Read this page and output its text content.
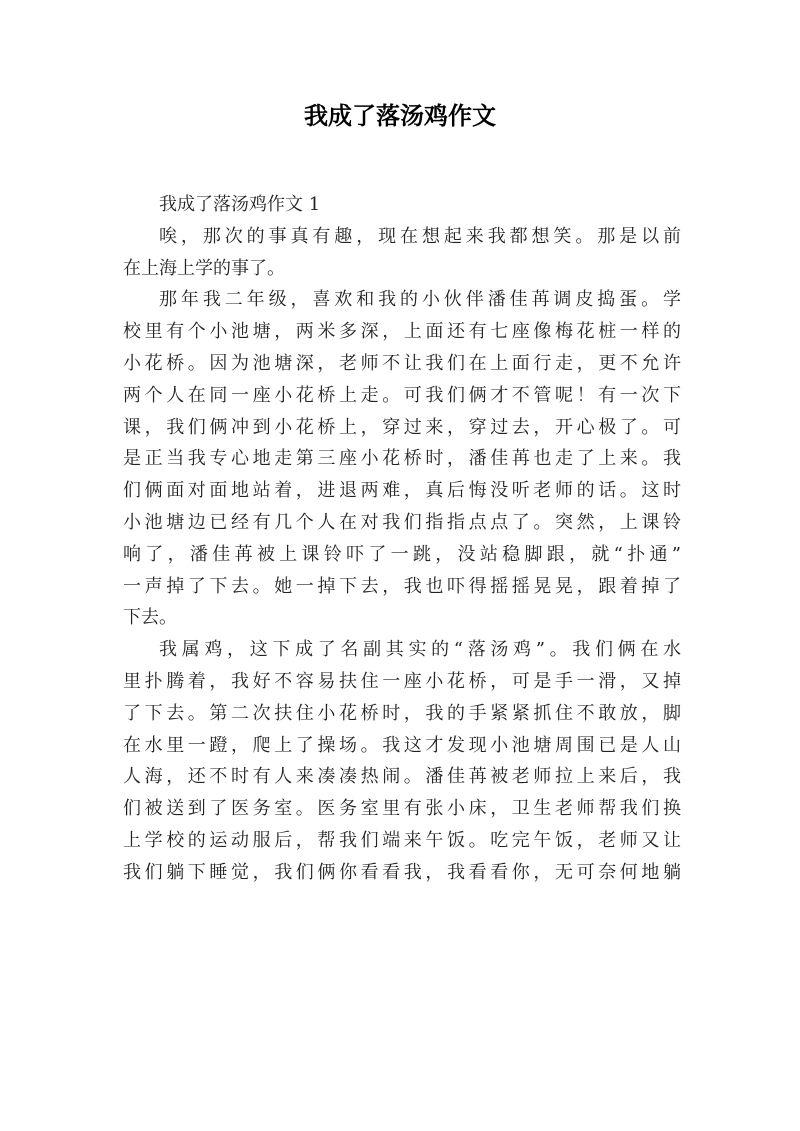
我成了落汤鸡作文
我成了落汤鸡作文 1
唉，那次的事真有趣，现在想起来我都想笑。那是以前
在上海上学的事了。
那年我二年级，喜欢和我的小伙伴潘佳苒调皮捣蛋。学
校里有个小池塘，两米多深，上面还有七座像梅花桩一样的
小花桥。因为池塘深，老师不让我们在上面行走，更不允许
两个人在同一座小花桥上走。可我们俩才不管呢！有一次下
课，我们俩冲到小花桥上，穿过来，穿过去，开心极了。可
是正当我专心地走第三座小花桥时，潘佳苒也走了上来。我
们俩面对面地站着，进退两难，真后悔没听老师的话。这时
小池塘边已经有几个人在对我们指指点点了。突然，上课铃
响了，潘佳苒被上课铃吓了一跳，没站稳脚跟，就“扑通”
一声掉了下去。她一掉下去，我也吓得摇摇晃晃，跟着掉了
下去。
我属鸡，这下成了名副其实的“落汤鸡”。我们俩在水
里扑腾着，我好不容易扶住一座小花桥，可是手一滑，又掉
了下去。第二次扶住小花桥时，我的手紧紧抓住不敢放，脚
在水里一蹬，爬上了操场。我这才发现小池塘周围已是人山
人海，还不时有人来凑凑热闹。潘佳苒被老师拉上来后，我
们被送到了医务室。医务室里有张小床，卫生老师帮我们换
上学校的运动服后，帮我们端来午饭。吃完午饭，老师又让
我们躺下睡觉，我们俩你看看我，我看看你，无可奈何地躺
